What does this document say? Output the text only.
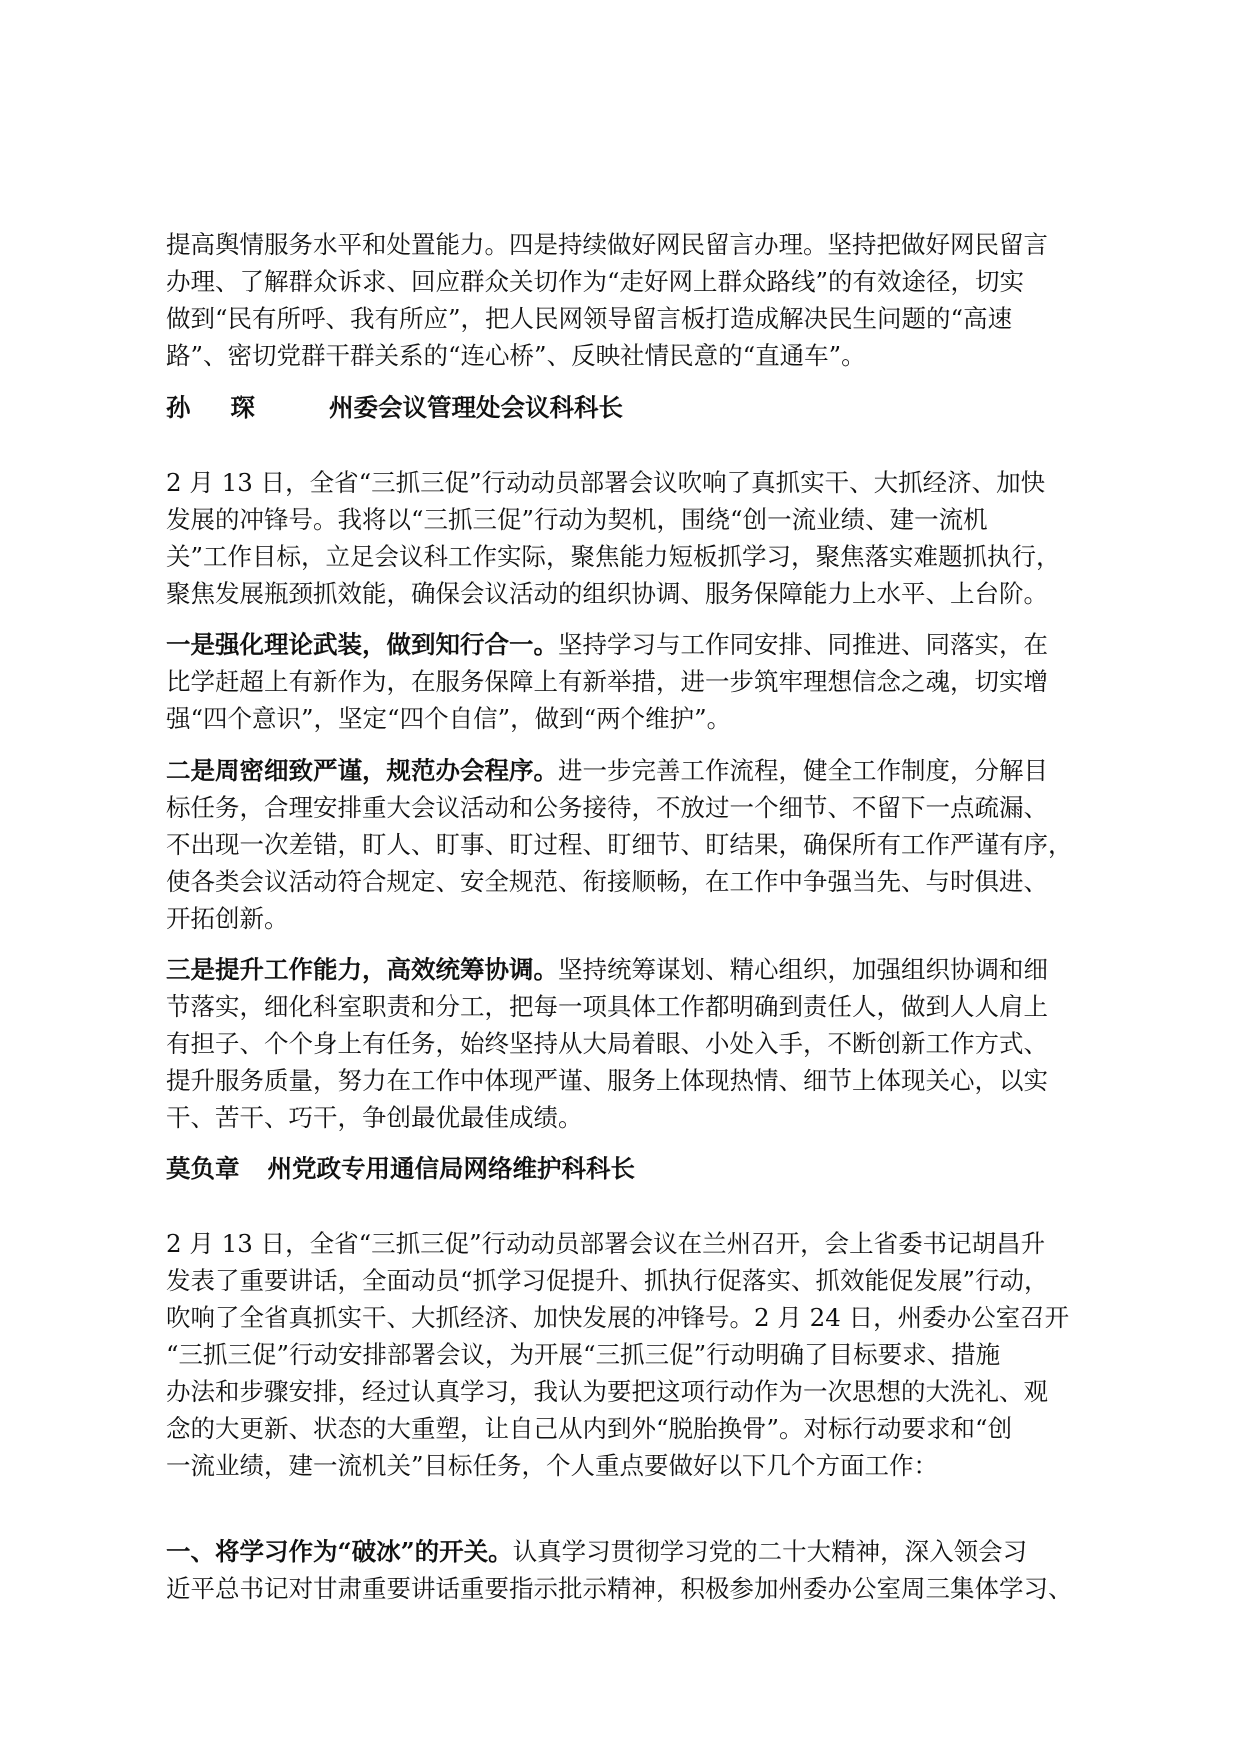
提高舆情服务水平和处置能力。四是持续做好网民留言办理。坚持把做好网民留言
办理、了解群众诉求、回应群众关切作为“走好网上群众路线”的有效途径，切实
做到“民有所呼、我有所应”，把人民网领导留言板打造成解决民生问题的“高速
路”、密切党群干群关系的“连心桥”、反映社情民意的“直通车”。
孙 琛	州委会议管理处会议科科长
2 月 13 日，全省“三抓三促”行动动员部署会议吹响了真抓实干、大抓经济、加快
发展的冲锋号。我将以“三抓三促”行动为契机，围绕“创一流业绩、建一流机
关”工作目标，立足会议科工作实际，聚焦能力短板抓学习，聚焦落实难题抓执行，
聚焦发展瓶颈抓效能，确保会议活动的组织协调、服务保障能力上水平、上台阶。
一是强化理论武装，做到知行合一。坚持学习与工作同安排、同推进、同落实，在
比学赶超上有新作为，在服务保障上有新举措，进一步筑牢理想信念之魂，切实增
强“四个意识”，坚定“四个自信”，做到“两个维护”。
二是周密细致严谨，规范办会程序。进一步完善工作流程，健全工作制度，分解目
标任务，合理安排重大会议活动和公务接待，不放过一个细节、不留下一点疏漏、
不出现一次差错，盯人、盯事、盯过程、盯细节、盯结果，确保所有工作严谨有序，
使各类会议活动符合规定、安全规范、衔接顺畅，在工作中争强当先、与时俱进、
开拓创新。
三是提升工作能力，高效统筹协调。坚持统筹谋划、精心组织，加强组织协调和细
节落实，细化科室职责和分工，把每一项具体工作都明确到责任人，做到人人肩上
有担子、个个身上有任务，始终坚持从大局着眼、小处入手，不断创新工作方式、
提升服务质量，努力在工作中体现严谨、服务上体现热情、细节上体现关心，以实
干、苦干、巧干，争创最优最佳成绩。
莫负章 州党政专用通信局网络维护科科长
2 月 13 日，全省“三抓三促”行动动员部署会议在兰州召开，会上省委书记胡昌升
发表了重要讲话，全面动员“抓学习促提升、抓执行促落实、抓效能促发展”行动，
吹响了全省真抓实干、大抓经济、加快发展的冲锋号。2 月 24 日，州委办公室召开
“三抓三促”行动安排部署会议，为开展“三抓三促”行动明确了目标要求、措施
办法和步骤安排，经过认真学习，我认为要把这项行动作为一次思想的大洗礼、观
念的大更新、状态的大重塑，让自己从内到外“脱胎换骨”。对标行动要求和“创
一流业绩，建一流机关”目标任务，个人重点要做好以下几个方面工作：
一、将学习作为“破冰”的开关。认真学习贯彻学习党的二十大精神，深入领会习
近平总书记对甘肃重要讲话重要指示批示精神，积极参加州委办公室周三集体学习、
